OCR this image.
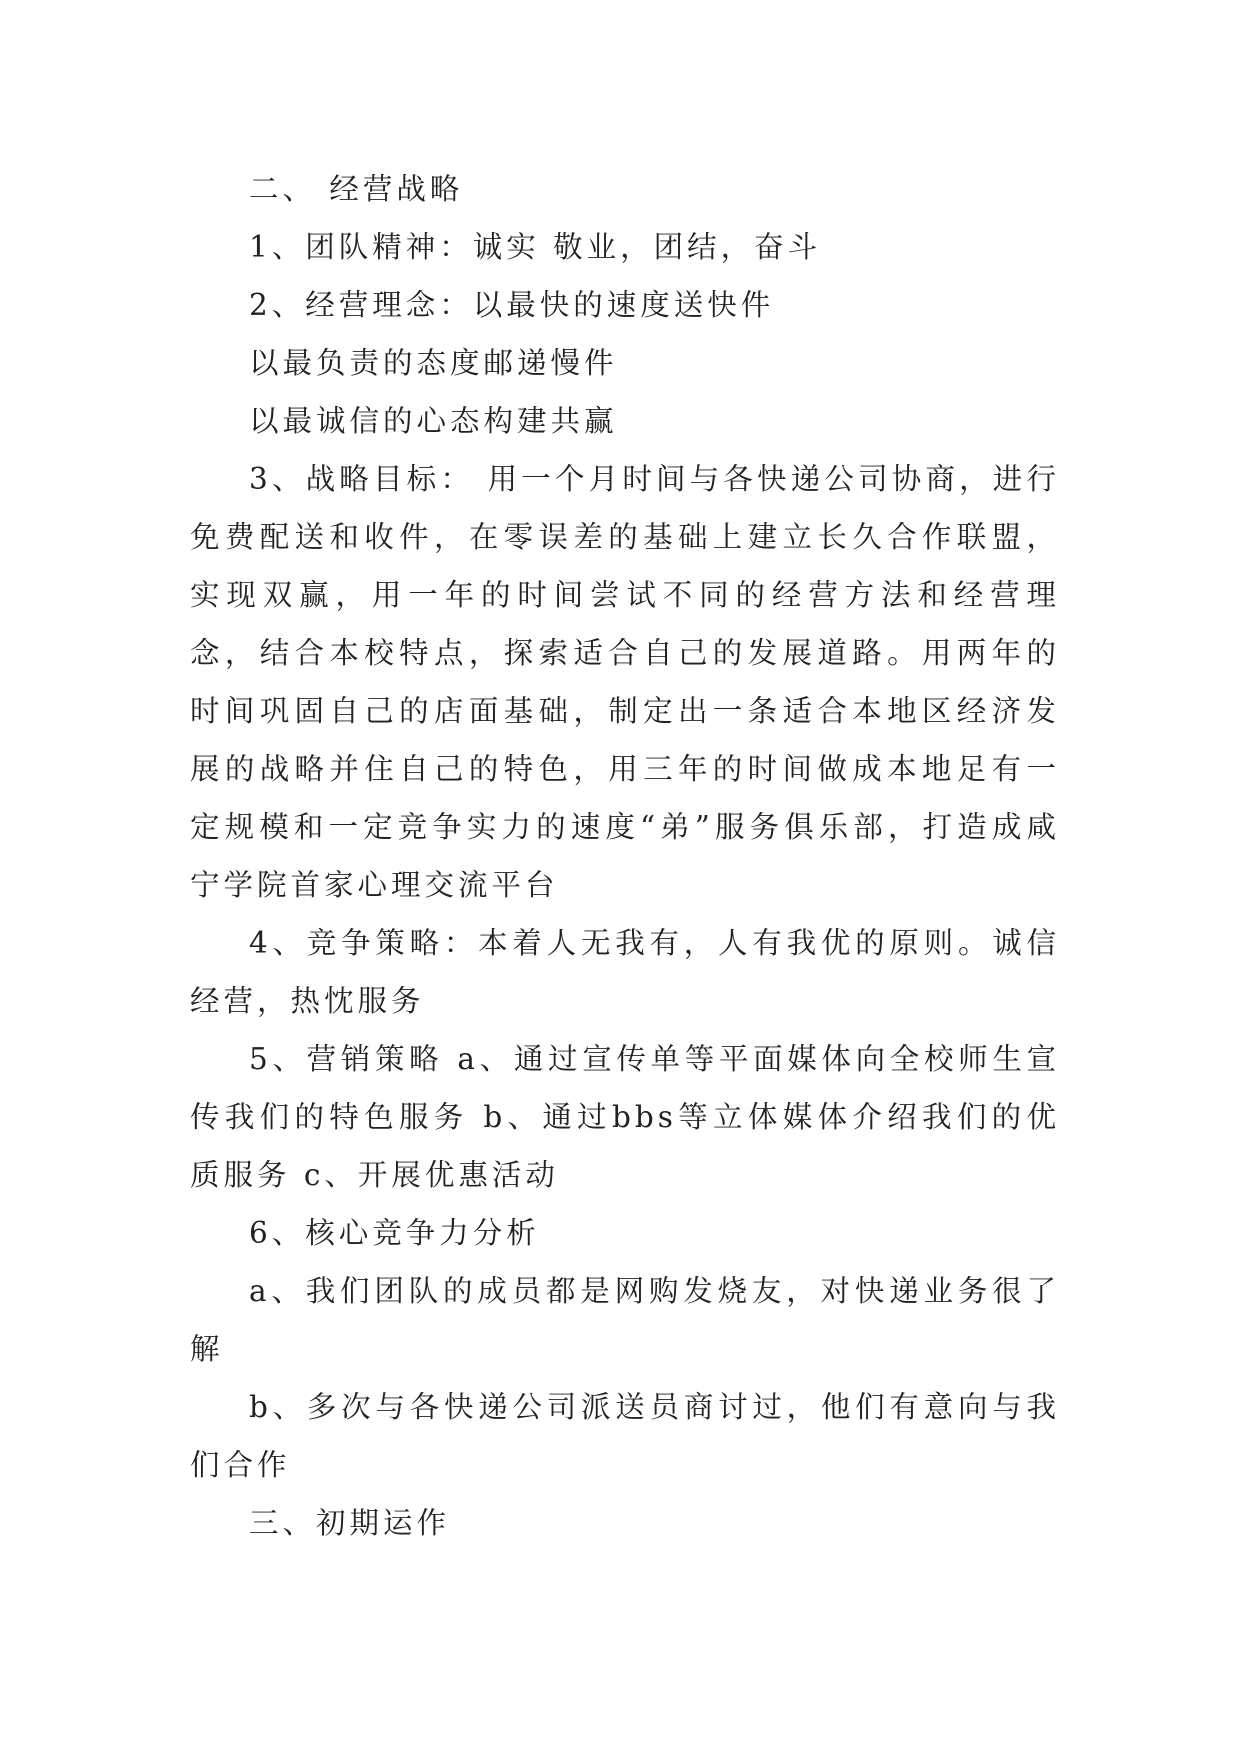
二、 经营战略

1、团队精神：诚实 敬业，团结，奋斗

2、经营理念：以最快的速度送快件

以最负责的态度邮递慢件

以最诚信的心态构建共赢

3、战略目标： 用一个月时间与各快递公司协商，进行免费配送和收件，在零误差的基础上建立长久合作联盟，实现双赢，用一年的时间尝试不同的经营方法和经营理念，结合本校特点，探索适合自己的发展道路。用两年的时间巩固自己的店面基础，制定出一条适合本地区经济发展的战略并住自己的特色，用三年的时间做成本地足有一定规模和一定竞争实力的速度“弟”服务俱乐部，打造成咸宁学院首家心理交流平台

4、竞争策略：本着人无我有，人有我优的原则。诚信经营，热忱服务

5、营销策略 a、通过宣传单等平面媒体向全校师生宣传我们的特色服务 b、通过bbs等立体媒体介绍我们的优质服务 c、开展优惠活动

6、核心竞争力分析

a、我们团队的成员都是网购发烧友，对快递业务很了解

b、多次与各快递公司派送员商讨过，他们有意向与我们合作

三、初期运作
